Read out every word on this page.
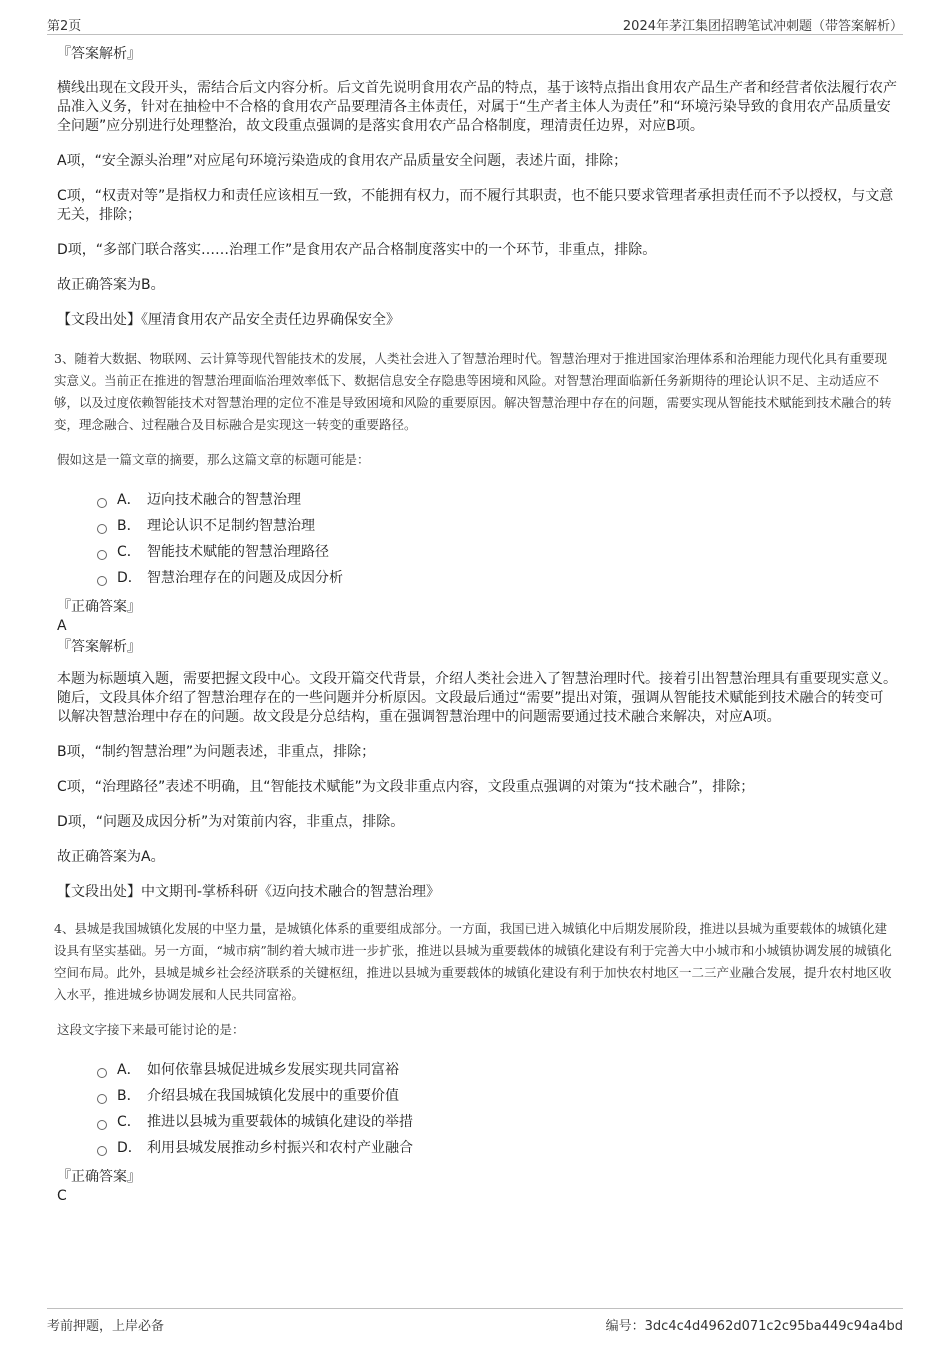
第2页	2024年茅江集团招聘笔试冲刺题（带答案解析）
『答案解析』

横线出现在文段开头，需结合后文内容分析。后文首先说明食用农产品的特点，基于该特点指出食用农产品生产者和经营者依法履行农产品准入义务，针对在抽检中不合格的食用农产品要理清各主体责任，对属于“生产者主体人为责任”和“环境污染导致的食用农产品质量安全问题”应分别进行处理整治，故文段重点强调的是落实食用农产品合格制度，理清责任边界，对应B项。

A项，“安全源头治理”对应尾句环境污染造成的食用农产品质量安全问题，表述片面，排除；

C项，“权责对等”是指权力和责任应该相互一致，不能拥有权力，而不履行其职责，也不能只要求管理者承担责任而不予以授权，与文意无关，排除；

D项，“多部门联合落实……治理工作”是食用农产品合格制度落实中的一个环节，非重点，排除。

故正确答案为B。

【文段出处】《厘清食用农产品安全责任边界确保安全》

3、随着大数据、物联网、云计算等现代智能技术的发展，人类社会进入了智慧治理时代。智慧治理对于推进国家治理体系和治理能力现代化具有重要现实意义。当前正在推进的智慧治理面临治理效率低下、数据信息安全存隐患等困境和风险。对智慧治理面临新任务新期待的理论认识不足、主动适应不够，以及过度依赖智能技术对智慧治理的定位不准是导致困境和风险的重要原因。解决智慧治理中存在的问题，需要实现从智能技术赋能到技术融合的转变，理念融合、过程融合及目标融合是实现这一转变的重要路径。

假如这是一篇文章的摘要，那么这篇文章的标题可能是：
A． 迈向技术融合的智慧治理
B． 理论认识不足制约智慧治理
C． 智能技术赋能的智慧治理路径
D． 智慧治理存在的问题及成因分析
『正确答案』
A
『答案解析』

本题为标题填入题，需要把握文段中心。文段开篇交代背景，介绍人类社会进入了智慧治理时代。接着引出智慧治理具有重要现实意义。随后，文段具体介绍了智慧治理存在的一些问题并分析原因。文段最后通过“需要”提出对策，强调从智能技术赋能到技术融合的转变可以解决智慧治理中存在的问题。故文段是分总结构，重在强调智慧治理中的问题需要通过技术融合来解决，对应A项。

B项，“制约智慧治理”为问题表述，非重点，排除；

C项，“治理路径”表述不明确，且“智能技术赋能”为文段非重点内容，文段重点强调的对策为“技术融合”，排除；

D项，“问题及成因分析”为对策前内容，非重点，排除。

故正确答案为A。

【文段出处】中文期刊-掌桥科研《迈向技术融合的智慧治理》

4、县城是我国城镇化发展的中坚力量，是城镇化体系的重要组成部分。一方面，我国已进入城镇化中后期发展阶段，推进以县城为重要载体的城镇化建设具有坚实基础。另一方面，“城市病”制约着大城市进一步扩张，推进以县城为重要载体的城镇化建设有利于完善大中小城市和小城镇协调发展的城镇化空间布局。此外，县城是城乡社会经济联系的关键枢纽，推进以县城为重要载体的城镇化建设有利于加快农村地区一二三产业融合发展，提升农村地区收入水平，推进城乡协调发展和人民共同富裕。

这段文字接下来最可能讨论的是：
A． 如何依靠县城促进城乡发展实现共同富裕
B． 介绍县城在我国城镇化发展中的重要价值
C． 推进以县城为重要载体的城镇化建设的举措
D． 利用县城发展推动乡村振兴和农村产业融合
『正确答案』
C
考前押题，上岸必备	编号：3dc4c4d4962d071c2c95ba449c94a4bd
